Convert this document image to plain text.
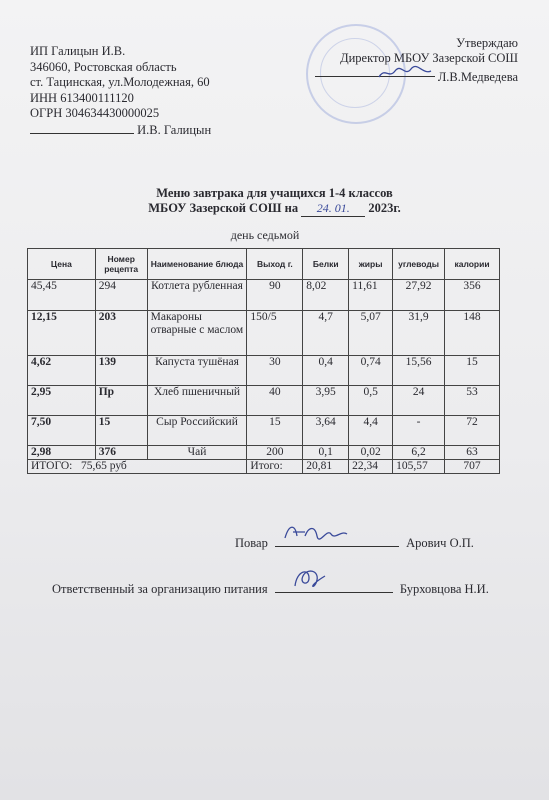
ИП Галицын И.В.
346060, Ростовская область
ст. Тацинская, ул.Молодежная, 60
ИНН 613400111120
ОГРН 304634430000025
И.В. Галицын
Утверждаю
Директор МБОУ Зазерской СОШ
Л.В.Медведева
Меню завтрака для учащихся 1-4 классов
МБОУ Зазерской СОШ на 24. 01. 2023г.
день седьмой
Цена	Номер рецепта	Наименование блюда	Выход г.	Белки	жиры	углеводы	калории
45,45	294	Котлета рубленная	90	8,02	11,61	27,92	356
12,15	203	Макароны отварные с маслом	150/5	4,7	5,07	31,9	148
4,62	139	Капуста тушёная	30	0,4	0,74	15,56	15
2,95	Пр	Хлеб пшеничный	40	3,95	0,5	24	53
7,50	15	Сыр Российский	15	3,64	4,4	-	72
2,98	376	Чай	200	0,1	0,02	6,2	63
ИТОГО: 75,65 руб			Итого:	20,81	22,34	105,57	707
Повар	Арович О.П.
Ответственный за организацию питания	Бурховцова Н.И.
